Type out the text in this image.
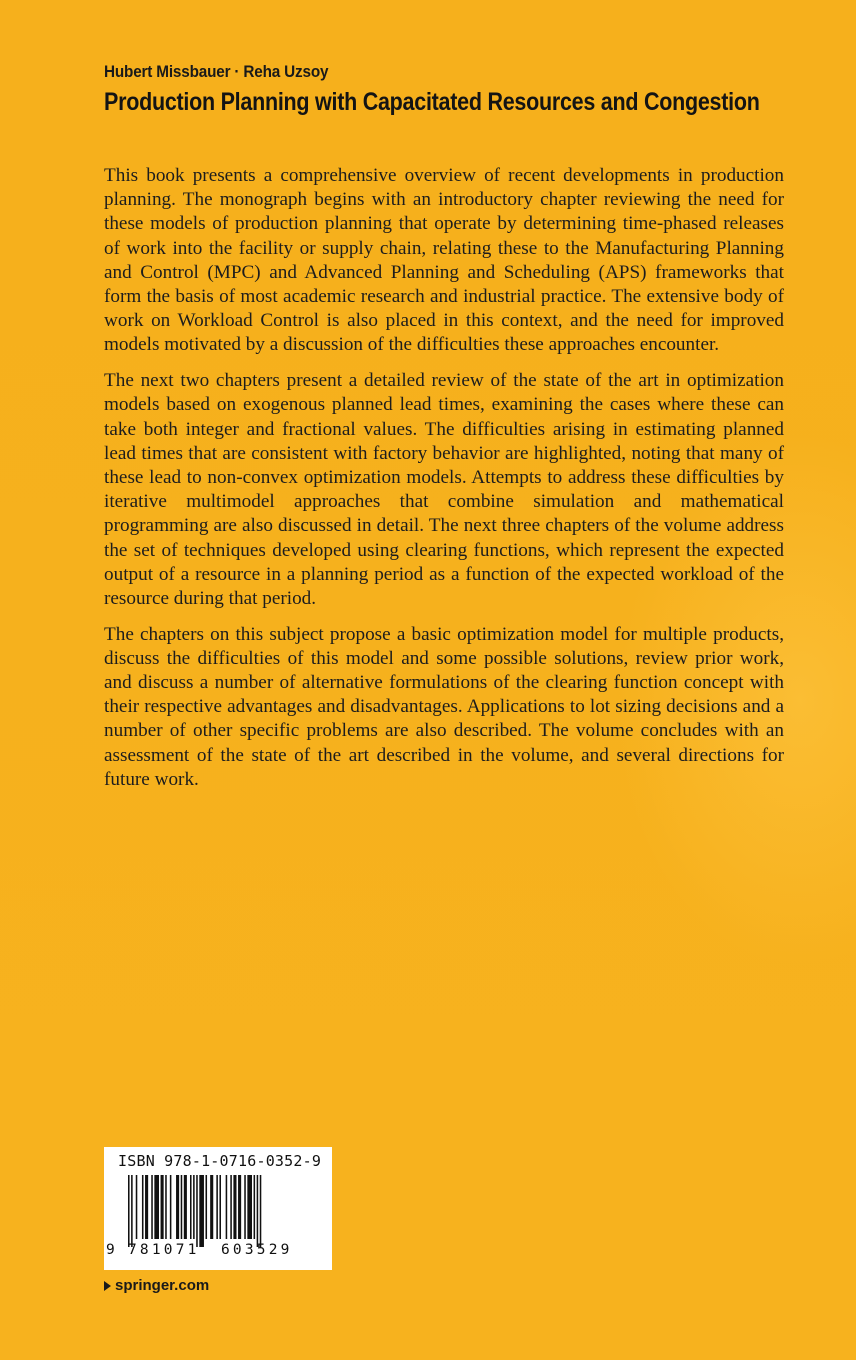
Hubert Missbauer · Reha Uzsoy
Production Planning with Capacitated Resources and Congestion

This book presents a comprehensive overview of recent developments in production planning. The monograph begins with an introductory chapter reviewing the need for these models of production planning that operate by determining time-phased releases of work into the facility or supply chain, relating these to the Manufacturing Planning and Control (MPC) and Advanced Planning and Scheduling (APS) frameworks that form the basis of most academic research and industrial practice. The extensive body of work on Workload Control is also placed in this context, and the need for improved models motivated by a discussion of the difficulties these approaches encounter.

The next two chapters present a detailed review of the state of the art in optimization models based on exogenous planned lead times, examining the cases where these can take both integer and fractional values. The difficulties arising in estimating planned lead times that are consistent with factory behavior are highlighted, noting that many of these lead to non-convex optimization models. Attempts to address these difficulties by iterative multimodel approaches that combine simulation and mathematical programming are also discussed in detail. The next three chapters of the volume address the set of techniques developed using clearing functions, which represent the expected output of a resource in a planning period as a function of the expected workload of the resource during that period.

The chapters on this subject propose a basic optimization model for multiple products, discuss the difficulties of this model and some possible solutions, review prior work, and discuss a number of alternative formulations of the clearing function concept with their respective advantages and disadvantages. Applications to lot sizing decisions and a number of other specific problems are also described. The volume concludes with an assessment of the state of the art described in the volume, and several directions for future work.

ISBN 978-1-0716-0352-9
9 781071 603529
springer.com
